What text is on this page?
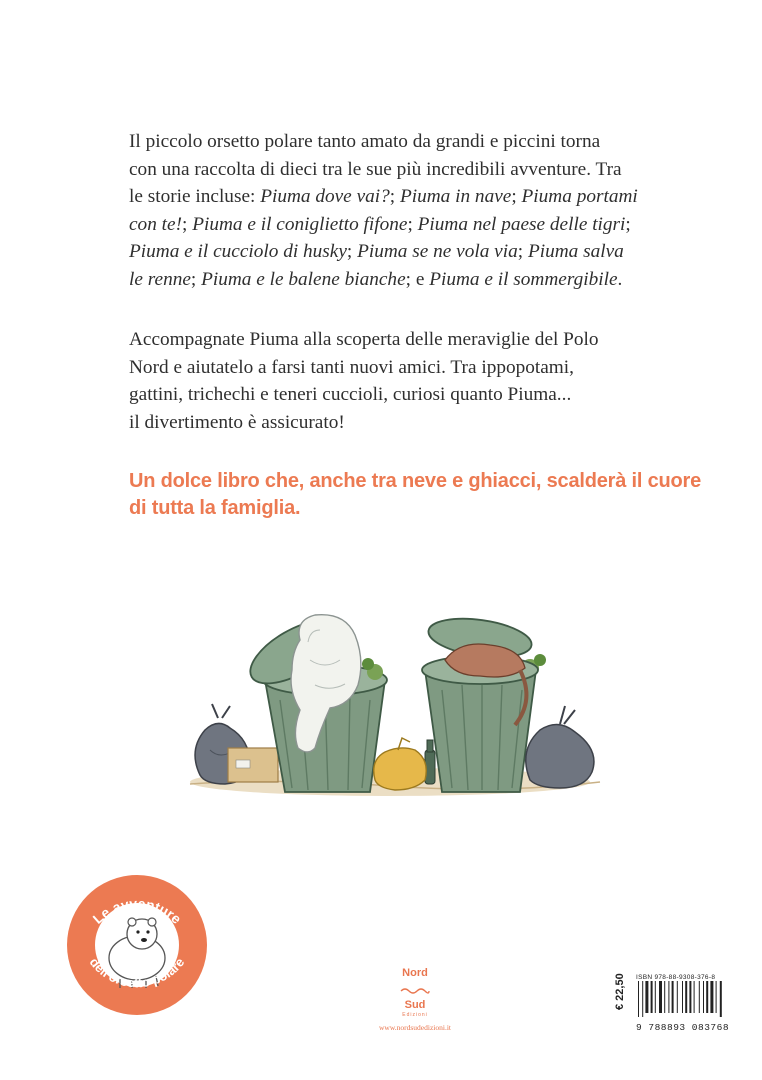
Il piccolo orsetto polare tanto amato da grandi e piccini torna
con una raccolta di dieci tra le sue più incredibili avventure. Tra
le storie incluse: Piuma dove vai?; Piuma in nave; Piuma portami
con te!; Piuma e il coniglietto fifone; Piuma nel paese delle tigri;
Piuma e il cucciolo di husky; Piuma se ne vola via; Piuma salva
le renne; Piuma e le balene bianche; e Piuma e il sommergibile.

Accompagnate Piuma alla scoperta delle meraviglie del Polo
Nord e aiutatelo a farsi tanti nuovi amici. Tra ippopotami,
gattini, trichechi e teneri cuccioli, curiosi quanto Piuma...
il divertimento è assicurato!

Un dolce libro che, anche tra neve e ghiacci, scalderà il cuore
di tutta la famiglia.
Le avventure
dell'orsetto polare
Nord
Sud
Edizioni
www.nordsudedizioni.it
€ 22,50 ISBN 978-88-9308-376-8
9 788893 083768
